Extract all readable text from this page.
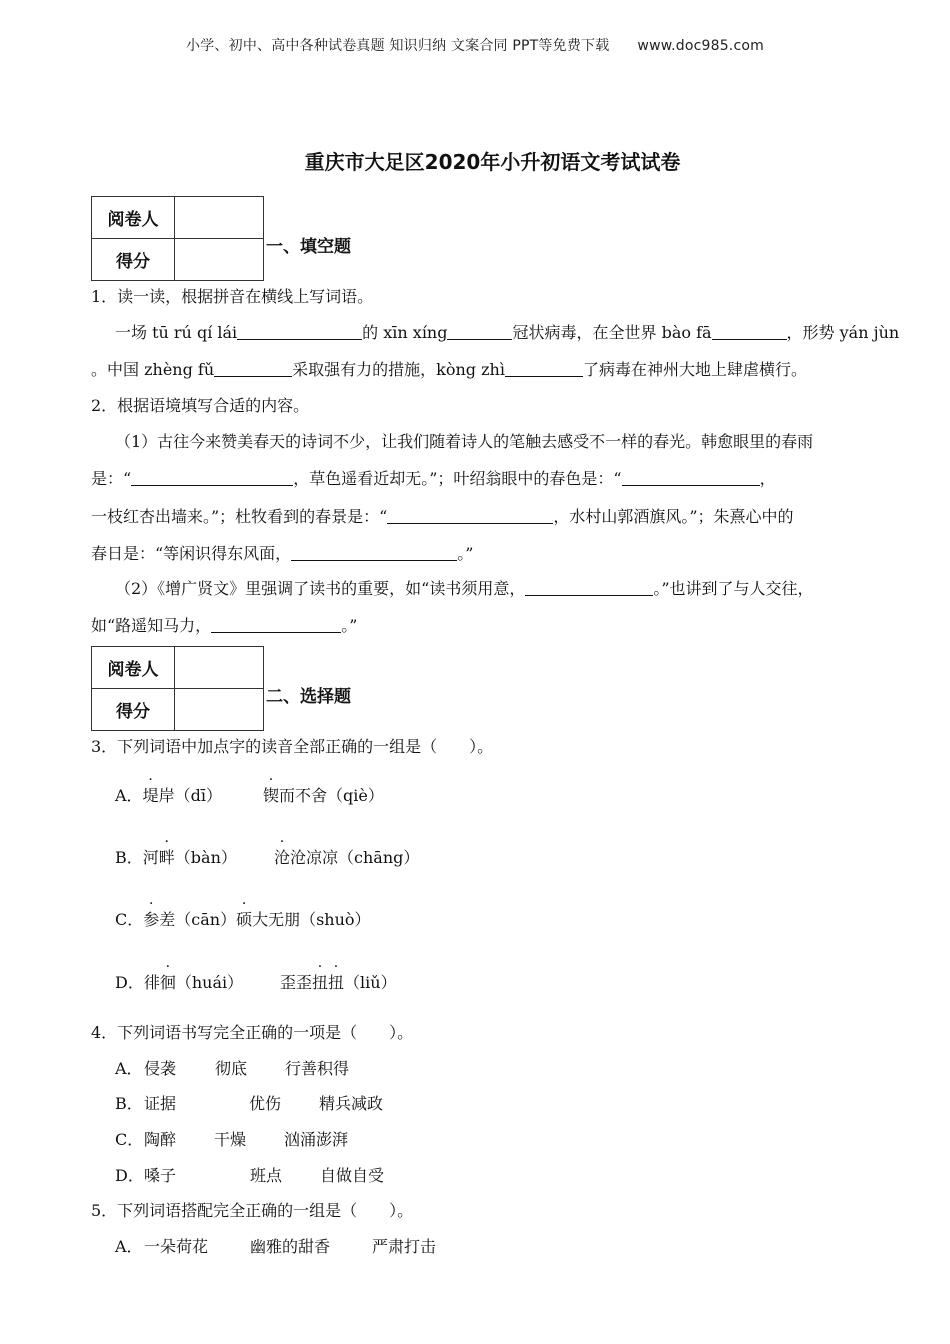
小学、初中、高中各种试卷真题 知识归纳 文案合同 PPT等免费下载 www.doc985.com
重庆市大足区2020年小升初语文考试试卷
阅卷人	
得分	
一、填空题
1．读一读，根据拼音在横线上写词语。
一场 tū rú qí lái	的 xīn xíng	冠状病毒，在全世界 bào fā	，形势 yán jùn
。中国 zhèng fǔ	采取强有力的措施，kòng zhì	了病毒在神州大地上肆虐横行。
2．根据语境填写合适的内容。
（1）古往今来赞美春天的诗词不少，让我们随着诗人的笔触去感受不一样的春光。韩愈眼里的春雨
是：“	，草色遥看近却无。”；叶绍翁眼中的春色是：“	，
一枝红杏出墙来。”；杜牧看到的春景是：“	，水村山郭酒旗风。”；朱熹心中的
春日是：“等闲识得东风面，	。”
（2）《增广贤文》里强调了读书的重要，如“读书须用意，	。”也讲到了与人交往，
如“路遥知马力，	。”
阅卷人	
得分	
二、选择题
3．下列词语中加点字的读音全部正确的一组是（　　）。
A．堤岸（dī）	锲而不舍（qiè）
B．河畔（bàn） 沧沧凉凉（chāng）
C．参差（cān）硕大无朋（shuò）
D．徘徊（huái） 歪歪扭扭（liǔ）
4．下列词语书写完全正确的一项是（　　）。
A．侵袭 彻底 行善积得
B．证据	优伤 精兵减政
C．陶醉 干燥 汹涌澎湃
D．嗓子	班点 自做自受
5．下列词语搭配完全正确的一组是（　　）。
A．一朵荷花	幽雅的甜香	严肃打击
